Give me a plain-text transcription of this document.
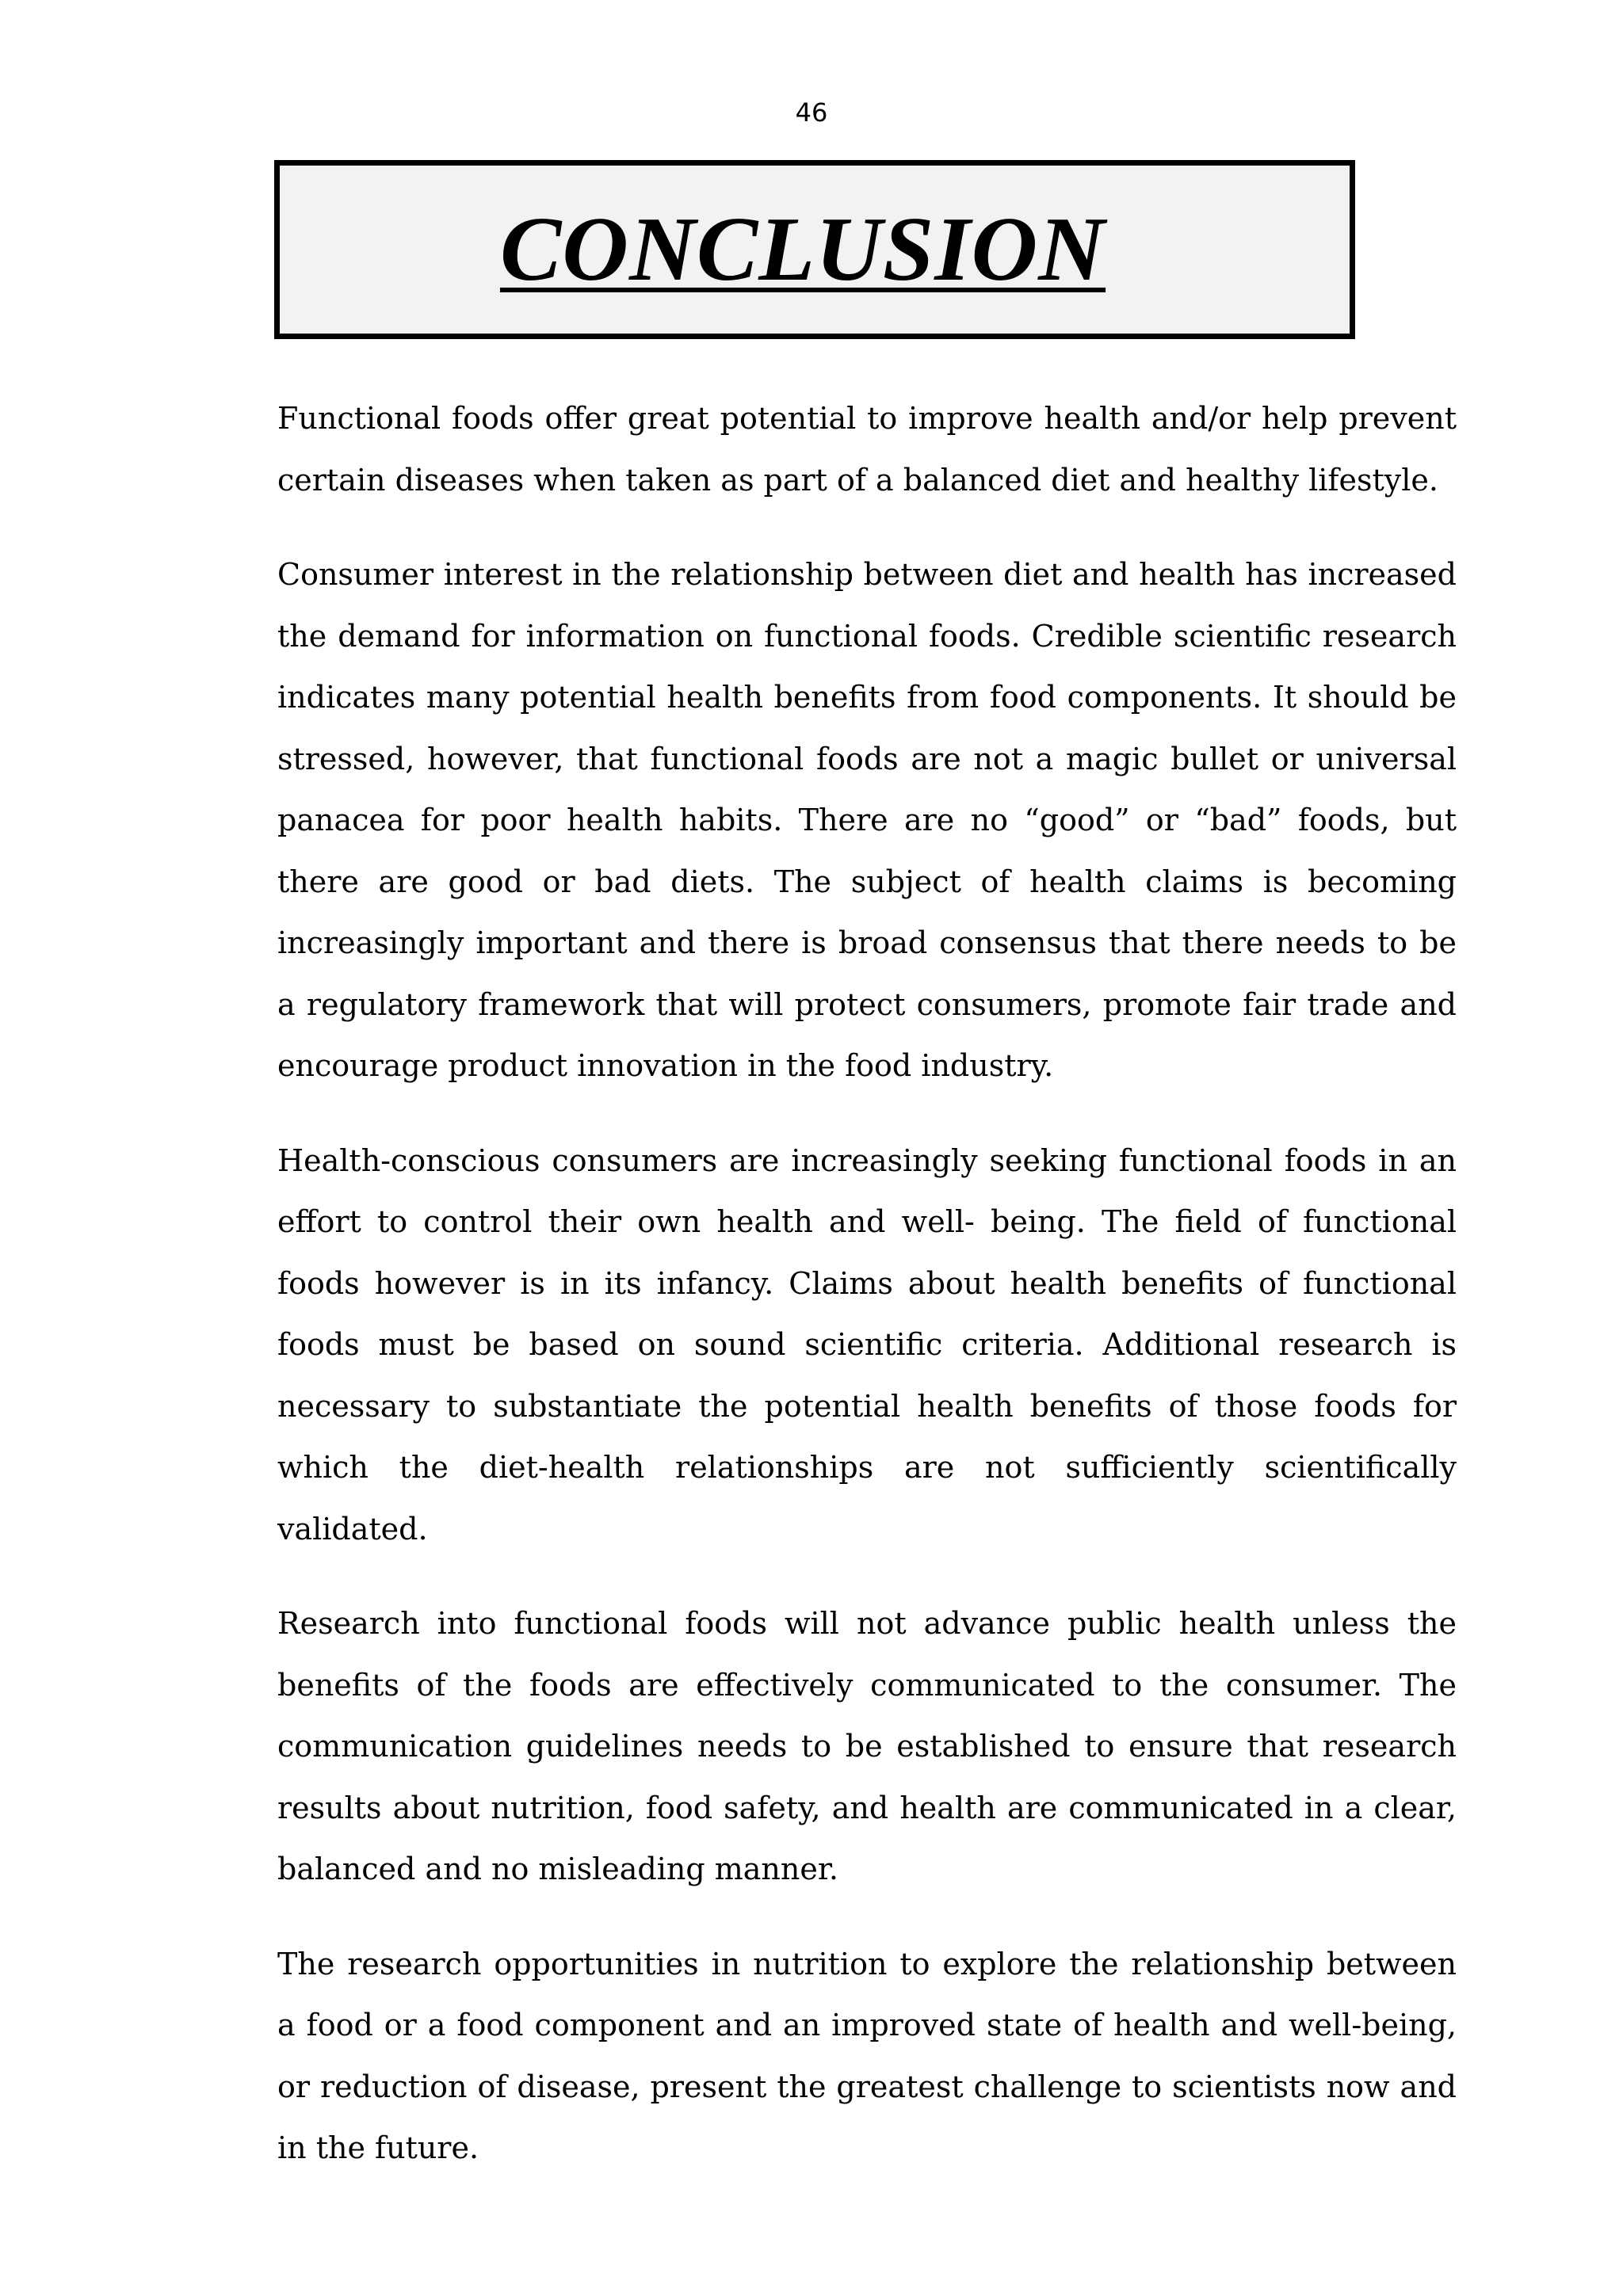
46
CONCLUSION

Functional foods offer great potential to improve health and/or help prevent certain diseases when taken as part of a balanced diet and healthy lifestyle.

Consumer interest in the relationship between diet and health has increased the demand for information on functional foods. Credible scientific research indicates many potential health benefits from food components. It should be stressed, however, that functional foods are not a magic bullet or universal panacea for poor health habits. There are no “good” or “bad” foods, but there are good or bad diets. The subject of health claims is becoming increasingly important and there is broad consensus that there needs to be a regulatory framework that will protect consumers, promote fair trade and encourage product innovation in the food industry.

Health-conscious consumers are increasingly seeking functional foods in an effort to control their own health and well- being. The field of functional foods however is in its infancy. Claims about health benefits of functional foods must be based on sound scientific criteria. Additional research is necessary to substantiate the potential health benefits of those foods for which the diet-health relationships are not sufficiently scientifically validated.

Research into functional foods will not advance public health unless the benefits of the foods are effectively communicated to the consumer. The communication guidelines needs to be established to ensure that research results about nutrition, food safety, and health are communicated in a clear, balanced and no misleading manner.

The research opportunities in nutrition to explore the relationship between a food or a food component and an improved state of health and well-being, or reduction of disease, present the greatest challenge to scientists now and in the future.
